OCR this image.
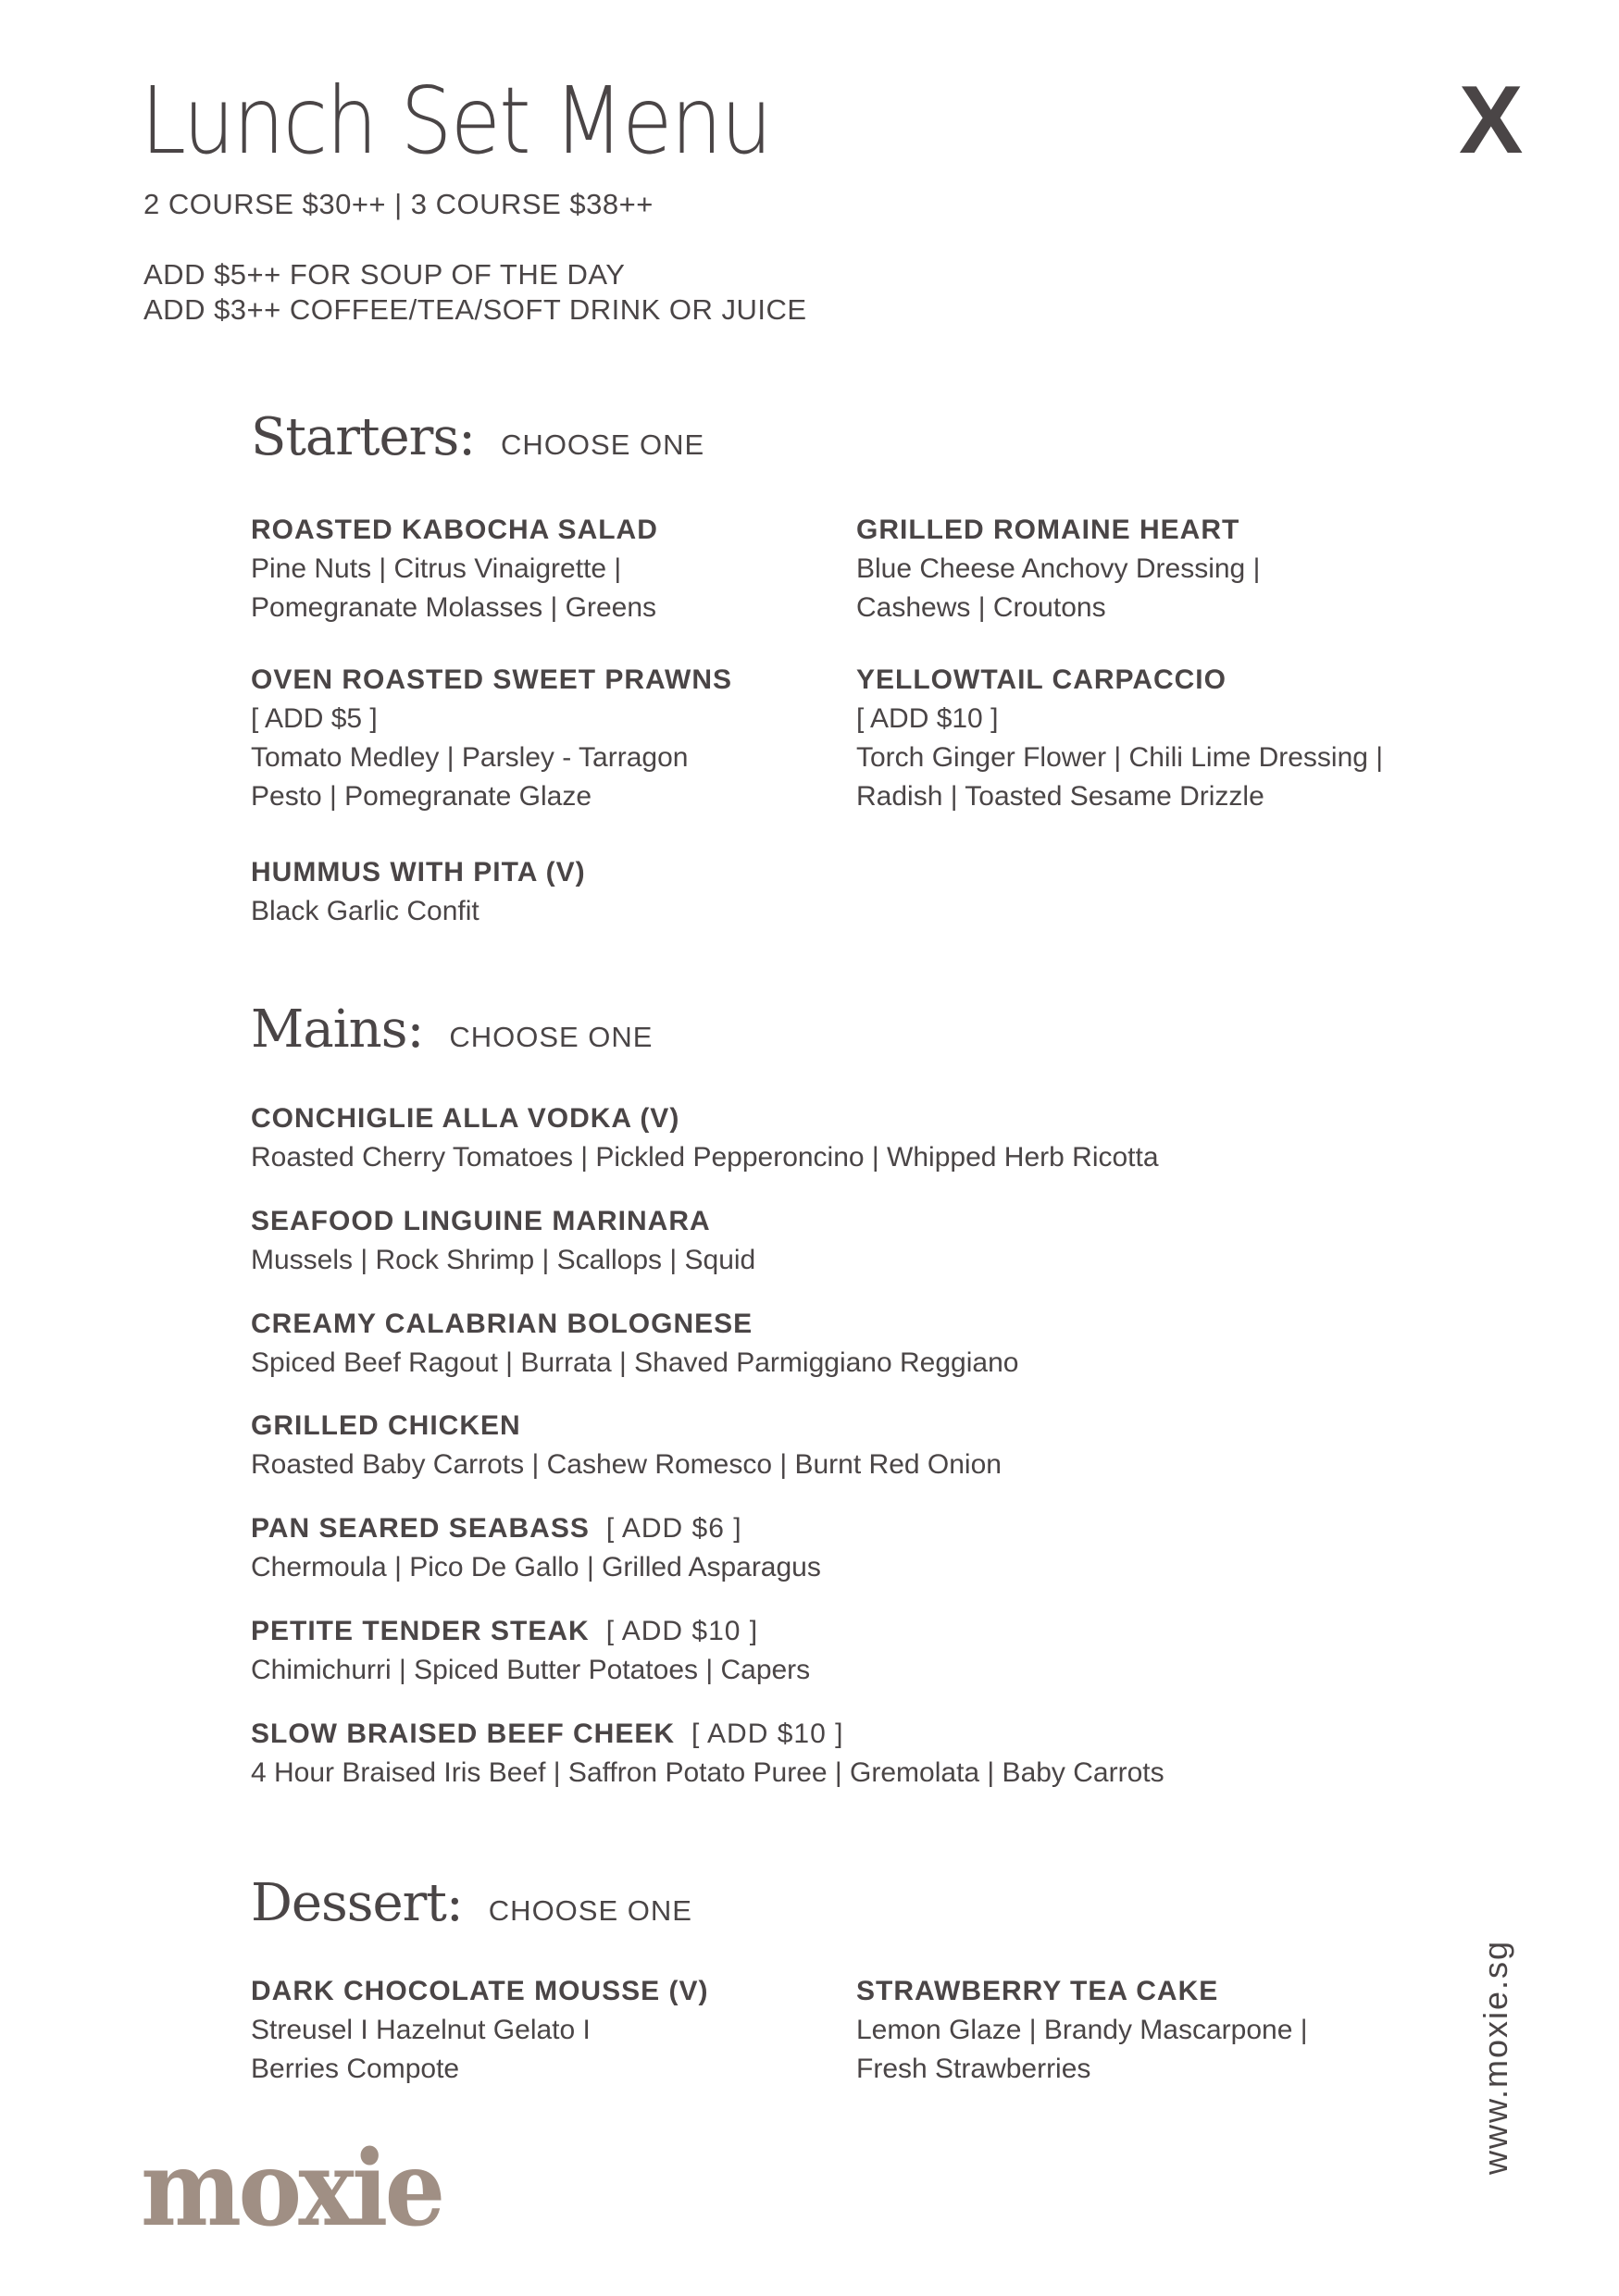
Lunch Set Menu	X
2 COURSE $30++ | 3 COURSE $38++
ADD $5++ FOR SOUP OF THE DAY
ADD $3++ COFFEE/TEA/SOFT DRINK OR JUICE
Starters: CHOOSE ONE
ROASTED KABOCHA SALAD
Pine Nuts | Citrus Vinaigrette |
Pomegranate Molasses | Greens
GRILLED ROMAINE HEART
Blue Cheese Anchovy Dressing |
Cashews | Croutons
OVEN ROASTED SWEET PRAWNS
[ ADD $5 ]
Tomato Medley | Parsley - Tarragon
Pesto | Pomegranate Glaze
YELLOWTAIL CARPACCIO
[ ADD $10 ]
Torch Ginger Flower | Chili Lime Dressing |
Radish | Toasted Sesame Drizzle
HUMMUS WITH PITA (V)
Black Garlic Confit
Mains: CHOOSE ONE
CONCHIGLIE ALLA VODKA (V)
Roasted Cherry Tomatoes | Pickled Pepperoncino | Whipped Herb Ricotta
SEAFOOD LINGUINE MARINARA
Mussels | Rock Shrimp | Scallops | Squid
CREAMY CALABRIAN BOLOGNESE
Spiced Beef Ragout | Burrata | Shaved Parmiggiano Reggiano
GRILLED CHICKEN
Roasted Baby Carrots | Cashew Romesco | Burnt Red Onion
PAN SEARED SEABASS [ ADD $6 ]
Chermoula | Pico De Gallo | Grilled Asparagus
PETITE TENDER STEAK [ ADD $10 ]
Chimichurri | Spiced Butter Potatoes | Capers
SLOW BRAISED BEEF CHEEK [ ADD $10 ]
4 Hour Braised Iris Beef | Saffron Potato Puree | Gremolata | Baby Carrots
Dessert: CHOOSE ONE
DARK CHOCOLATE MOUSSE (V)
Streusel I Hazelnut Gelato I
Berries Compote
STRAWBERRY TEA CAKE
Lemon Glaze | Brandy Mascarpone |
Fresh Strawberries
moxie
www.moxie.sg
